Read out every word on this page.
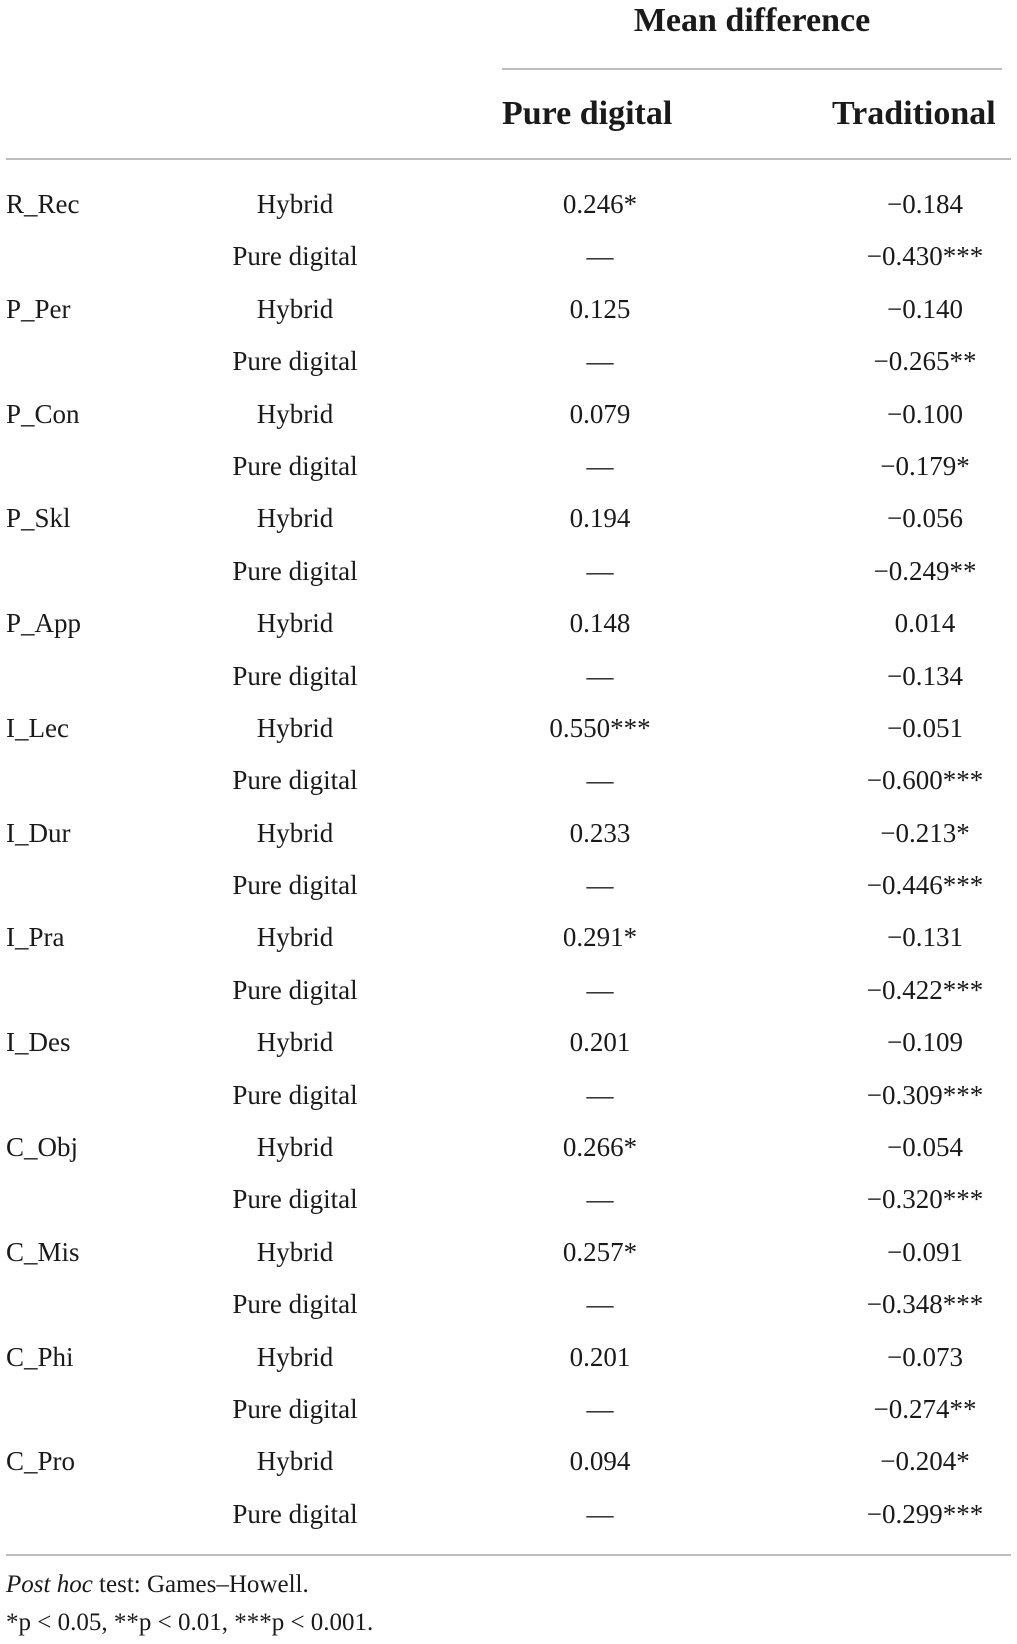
Mean difference
Pure digital	Traditional
R_Rec	Hybrid	0.246*	−0.184
Pure digital	—	−0.430***
P_Per	Hybrid	0.125	−0.140
Pure digital	—	−0.265**
P_Con	Hybrid	0.079	−0.100
Pure digital	—	−0.179*
P_Skl	Hybrid	0.194	−0.056
Pure digital	—	−0.249**
P_App	Hybrid	0.148	0.014
Pure digital	—	−0.134
I_Lec	Hybrid	0.550***	−0.051
Pure digital	—	−0.600***
I_Dur	Hybrid	0.233	−0.213*
Pure digital	—	−0.446***
I_Pra	Hybrid	0.291*	−0.131
Pure digital	—	−0.422***
I_Des	Hybrid	0.201	−0.109
Pure digital	—	−0.309***
C_Obj	Hybrid	0.266*	−0.054
Pure digital	—	−0.320***
C_Mis	Hybrid	0.257*	−0.091
Pure digital	—	−0.348***
C_Phi	Hybrid	0.201	−0.073
Pure digital	—	−0.274**
C_Pro	Hybrid	0.094	−0.204*
Pure digital	—	−0.299***
Post hoc test: Games–Howell.
*p < 0.05, **p < 0.01, ***p < 0.001.
